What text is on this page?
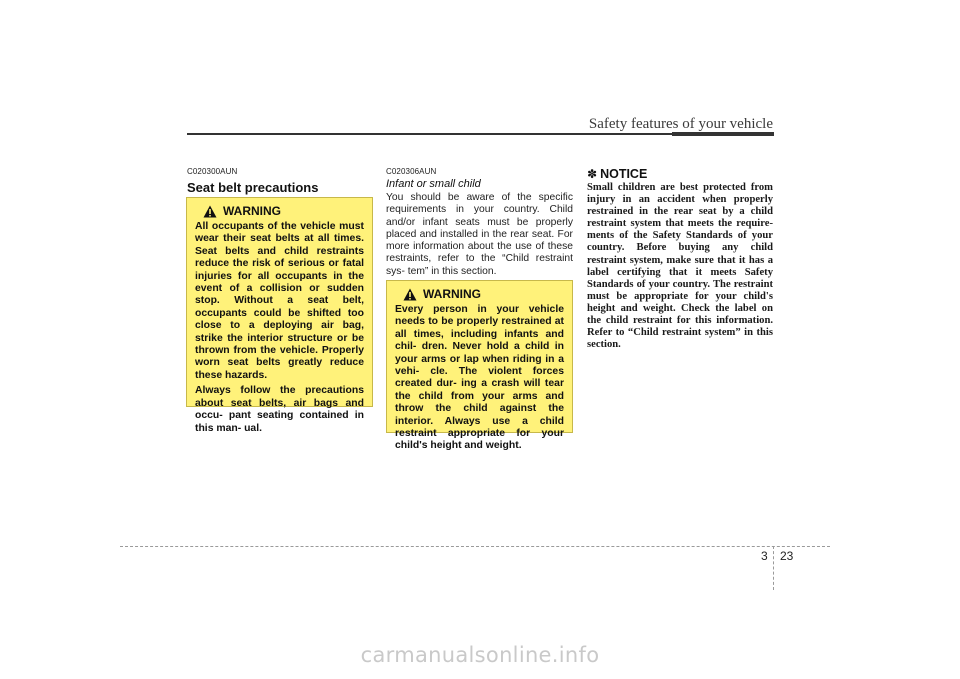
Safety features of your vehicle
C020300AUN
Seat belt precautions
WARNING

All occupants of the vehicle must wear their seat belts at all times. Seat belts and child restraints reduce the risk of serious or fatal injuries for all occupants in the event of a collision or sudden stop. Without a seat belt, occupants could be shifted too close to a deploying air bag, strike the interior structure or be thrown from the vehicle. Properly worn seat belts greatly reduce these hazards.

Always follow the precautions about seat belts, air bags and occu- pant seating contained in this man- ual.

C020306AUN
Infant or small child
You should be aware of the specific requirements in your country. Child and/or infant seats must be properly placed and installed in the rear seat. For more information about the use of these restraints, refer to the “Child restraint sys- tem” in this section.
WARNING

Every person in your vehicle needs to be properly restrained at all times, including infants and chil- dren. Never hold a child in your arms or lap when riding in a vehi- cle. The violent forces created dur- ing a crash will tear the child from your arms and throw the child against the interior. Always use a child restraint appropriate for your child's height and weight.

✽ NOTICE
Small children are best protected from injury in an accident when properly restrained in the rear seat by a child restraint system that meets the require- ments of the Safety Standards of your country. Before buying any child restraint system, make sure that it has a label certifying that it meets Safety Standards of your country. The restraint must be appropriate for your child's height and weight. Check the label on the child restraint for this information. Refer to “Child restraint system” in this section.
3 23
carmanualsonline.info
